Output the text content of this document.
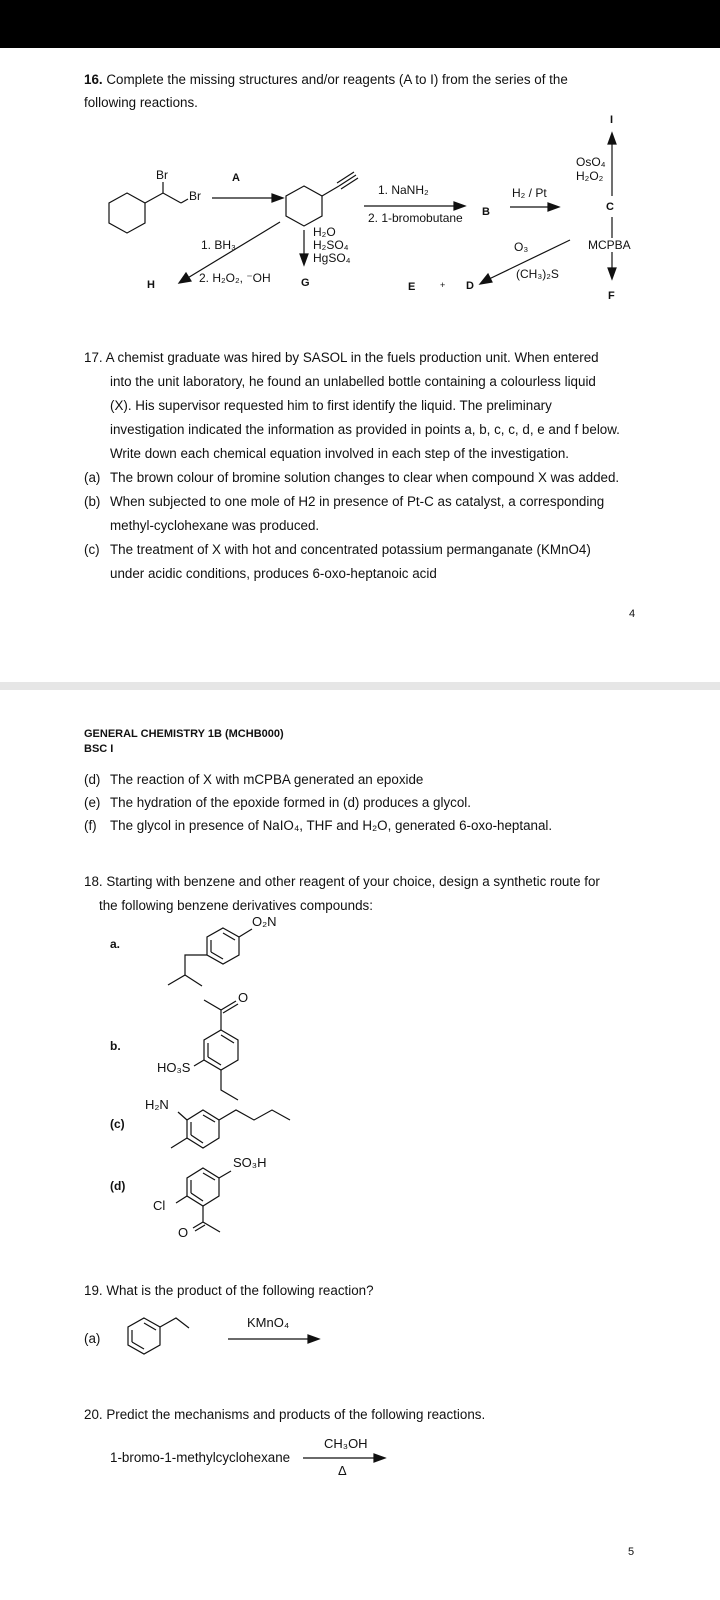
16. Complete the missing structures and/or reagents (A to I) from the series of the
following reactions.
Br
Br
A
1. NaNH₂
2. 1-bromobutane B
H₂ / Pt
C
I
OsO₄
H₂O₂
MCPBA
F
O₃
(CH₃)₂S
E	+ D
H₂O
H₂SO₄
HgSO₄
G
1. BH₃
2. H₂O₂, ⁻OH
H
17. A chemist graduate was hired by SASOL in the fuels production unit. When entered
into the unit laboratory, he found an unlabelled bottle containing a colourless liquid
(X). His supervisor requested him to first identify the liquid. The preliminary
investigation indicated the information as provided in points a, b, c, c, d, e and f below.
Write down each chemical equation involved in each step of the investigation.
(a) The brown colour of bromine solution changes to clear when compound X was added.
(b) When subjected to one mole of H2 in presence of Pt-C as catalyst, a corresponding
methyl-cyclohexane was produced.
(c) The treatment of X with hot and concentrated potassium permanganate (KMnO4)
under acidic conditions, produces 6-oxo-heptanoic acid
4
GENERAL CHEMISTRY 1B (MCHB000)
BSC I
(d) The reaction of X with mCPBA generated an epoxide
(e) The hydration of the epoxide formed in (d) produces a glycol.
(f) The glycol in presence of NaIO₄, THF and H₂O, generated 6-oxo-heptanal.
18. Starting with benzene and other reagent of your choice, design a synthetic route for
the following benzene derivatives compounds:
a.
O₂N
b.
O
HO₃S
(c)
H₂N
(d)
SO₃H
Cl
O
19. What is the product of the following reaction?
(a)
KMnO₄
20. Predict the mechanisms and products of the following reactions.
1-bromo-1-methylcyclohexane
CH₃OH
Δ
5
